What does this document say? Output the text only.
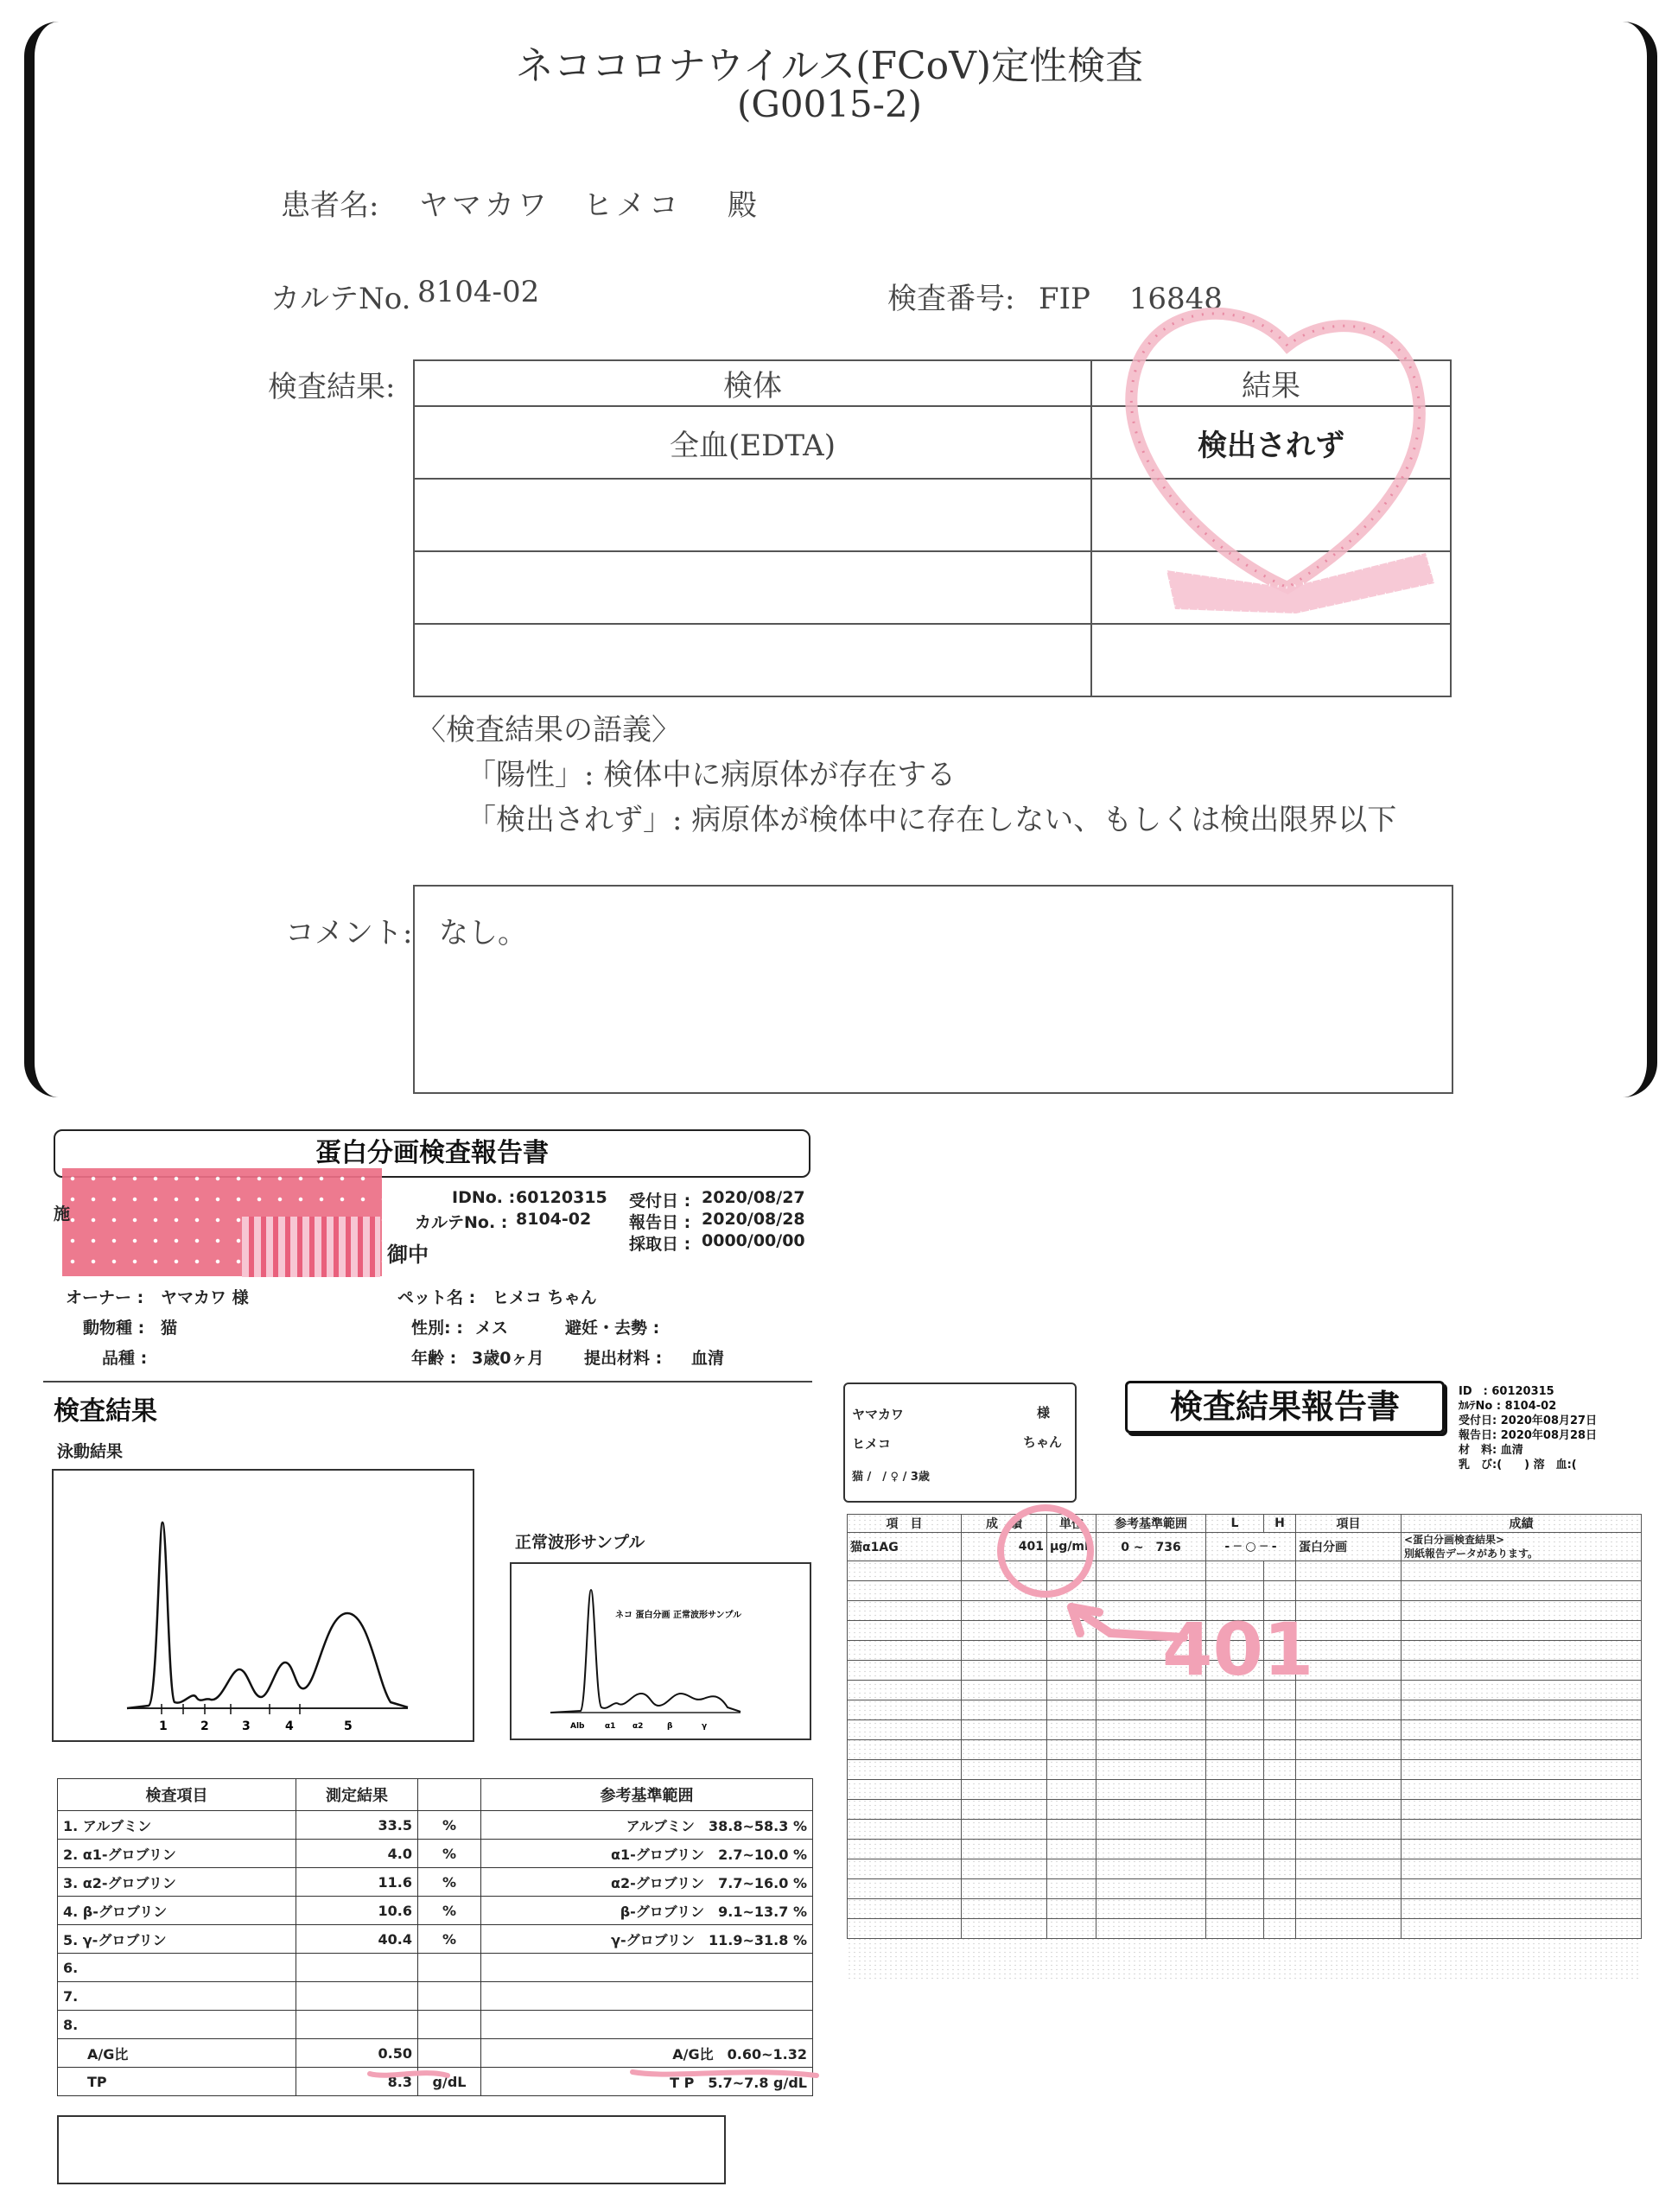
ネココロナウイルス(FCoV)定性検査
(G0015-2)
患者名: ヤマカワ　ヒメコ 殿
カルテNo. 8104-02	検査番号: FIP　 16848
検査結果:	検体	結果
全血(EDTA)	検出されず

〈検査結果の語義〉
「陽性」: 検体中に病原体が存在する
「検出されず」: 病原体が検体中に存在しない、もしくは検出限界以下
コメント: なし。
蛋白分画検査報告書
施
IDNo. : 60120315
カルテNo. : 8104-02
受付日 : 2020/08/27
報告日 : 2020/08/28
採取日 : 0000/00/00
御中
オーナー : ヤマカワ 様	ペット名 : ヒメコ ちゃん
動物種 : 猫	性別: : メス	避妊・去勢 :
品種 :	年齢 : 3歳0ヶ月 提出材料 : 血清
検査結果
泳動結果
1	2	3	4	5
正常波形サンプル
ネコ 蛋白分画 正常波形サンプル
Alb	α1 α2	β	γ
検査項目	測定結果		参考基準範囲
1. アルブミン	33.5	%	アルブミン　38.8~58.3 %
2. α1-グロブリン	4.0	%	α1-グロブリン　2.7~10.0 %
3. α2-グロブリン	11.6	%	α2-グロブリン　7.7~16.0 %
4. β-グロブリン	10.6	%	β-グロブリン　9.1~13.7 %
5. γ-グロブリン	40.4	%	γ-グロブリン　11.9~31.8 %
6.			
7.			
8.			
A/G比	0.50		A/G比　0.60~1.32
TP	8.3	g/dL	T P　5.7~7.8 g/dL
ヤマカワ	様
ヒメコ	ちゃん
猫 /　/ ♀ / 3歳
検査結果報告書	ID　: 60120315
ｶﾙﾃNo : 8104-02
受付日: 2020年08月27日
報告日: 2020年08月28日
材　料: 血清
乳　び:(　　) 溶　血:(
項　目	成　績	単位	参考基準範囲	L	H	項目	成績
猫α1AG	401	μg/mL	0 ~　736	- ─ ○ ─ -		蛋白分画	<蛋白分画検査結果>
別紙報告データがあります。

401
